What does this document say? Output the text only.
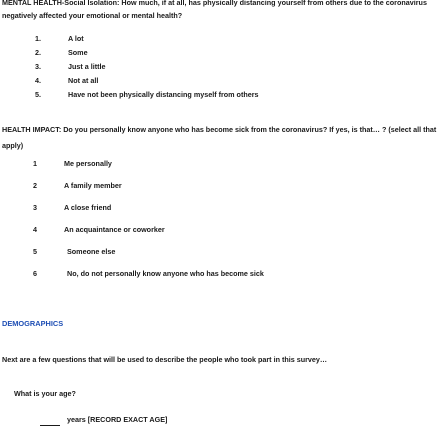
MENTAL HEALTH-Social Isolation: How much, if at all, has physically distancing yourself from others due to the coronavirus negatively affected your emotional or mental health?
1.	A lot
2.	Some
3.	Just a little
4.	Not at all
5.	Have not been physically distancing myself from others
HEALTH IMPACT: Do you personally know anyone who has become sick from the coronavirus? If yes, is that… ? (select all that apply)
1	Me personally
2	A family member
3	A close friend
4	An acquaintance or coworker
5	Someone else
6	No, do not personally know anyone who has become sick
DEMOGRAPHICS
Next are a few questions that will be used to describe the people who took part in this survey…
What is your age?
years [RECORD EXACT AGE]
